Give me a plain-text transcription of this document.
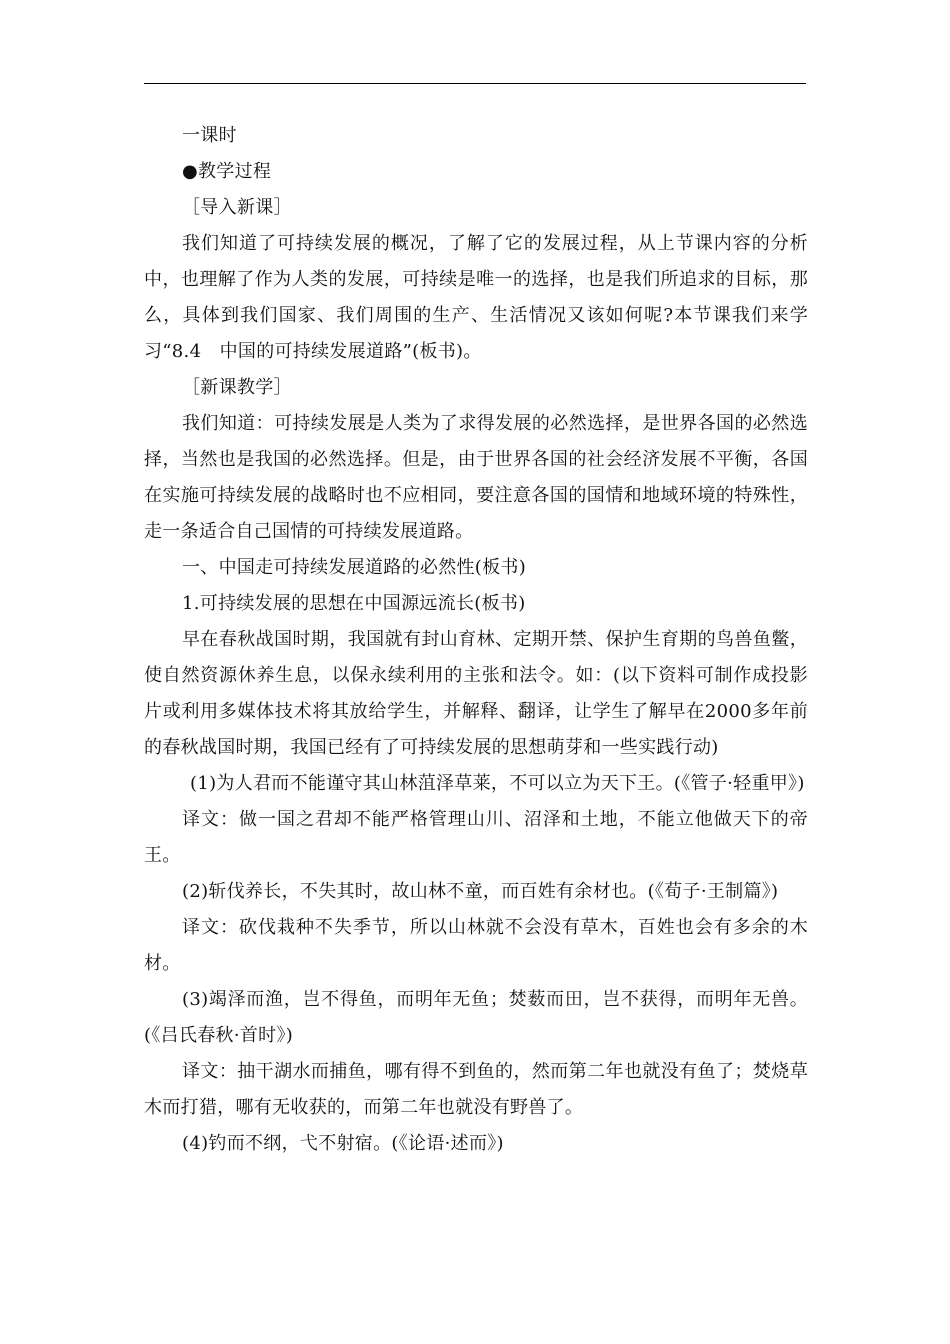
一课时

●教学过程

［导入新课］

我们知道了可持续发展的概况，了解了它的发展过程，从上节课内容的分析中，也理解了作为人类的发展，可持续是唯一的选择，也是我们所追求的目标，那么，具体到我们国家、我们周围的生产、生活情况又该如何呢?本节课我们来学习“8.4　中国的可持续发展道路”(板书)。

［新课教学］

我们知道：可持续发展是人类为了求得发展的必然选择，是世界各国的必然选择，当然也是我国的必然选择。但是，由于世界各国的社会经济发展不平衡，各国在实施可持续发展的战略时也不应相同，要注意各国的国情和地域环境的特殊性，走一条适合自己国情的可持续发展道路。

一、中国走可持续发展道路的必然性(板书)

1.可持续发展的思想在中国源远流长(板书)

早在春秋战国时期，我国就有封山育林、定期开禁、保护生育期的鸟兽鱼鳖，使自然资源休养生息，以保永续利用的主张和法令。如：(以下资料可制作成投影片或利用多媒体技术将其放给学生，并解释、翻译，让学生了解早在2000多年前的春秋战国时期，我国已经有了可持续发展的思想萌芽和一些实践行动)

(1)为人君而不能谨守其山林菹泽草莱，不可以立为天下王。(《管子·轻重甲》)

译文：做一国之君却不能严格管理山川、沼泽和土地，不能立他做天下的帝王。

(2)斩伐养长，不失其时，故山林不童，而百姓有余材也。(《荀子·王制篇》)

译文：砍伐栽种不失季节，所以山林就不会没有草木，百姓也会有多余的木材。

(3)竭泽而渔，岂不得鱼，而明年无鱼；焚薮而田，岂不获得，而明年无兽。(《吕氏春秋·首时》)

译文：抽干湖水而捕鱼，哪有得不到鱼的，然而第二年也就没有鱼了；焚烧草木而打猎，哪有无收获的，而第二年也就没有野兽了。

(4)钓而不纲，弋不射宿。(《论语·述而》)
